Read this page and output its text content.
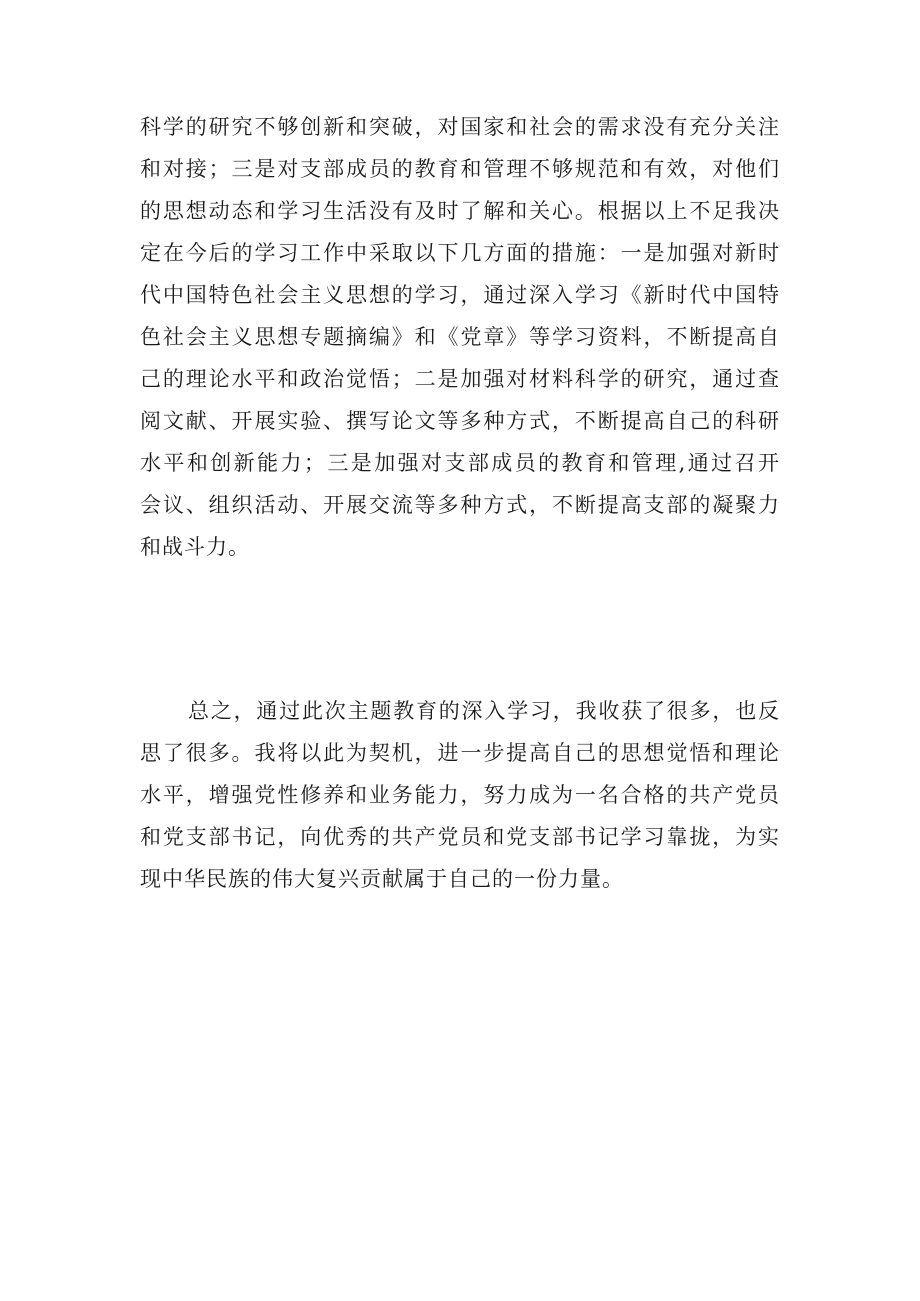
科学的研究不够创新和突破，对国家和社会的需求没有充分关注
和对接；三是对支部成员的教育和管理不够规范和有效，对他们
的思想动态和学习生活没有及时了解和关心。根据以上不足我决
定在今后的学习工作中采取以下几方面的措施：一是加强对新时
代中国特色社会主义思想的学习，通过深入学习《新时代中国特
色社会主义思想专题摘编》和《党章》等学习资料，不断提高自
己的理论水平和政治觉悟；二是加强对材料科学的研究，通过查
阅文献、开展实验、撰写论文等多种方式，不断提高自己的科研
水平和创新能力；三是加强对支部成员的教育和管理,通过召开
会议、组织活动、开展交流等多种方式，不断提高支部的凝聚力
和战斗力。
总之，通过此次主题教育的深入学习，我收获了很多，也反
思了很多。我将以此为契机，进一步提高自己的思想觉悟和理论
水平，增强党性修养和业务能力，努力成为一名合格的共产党员
和党支部书记，向优秀的共产党员和党支部书记学习靠拢，为实
现中华民族的伟大复兴贡献属于自己的一份力量。
